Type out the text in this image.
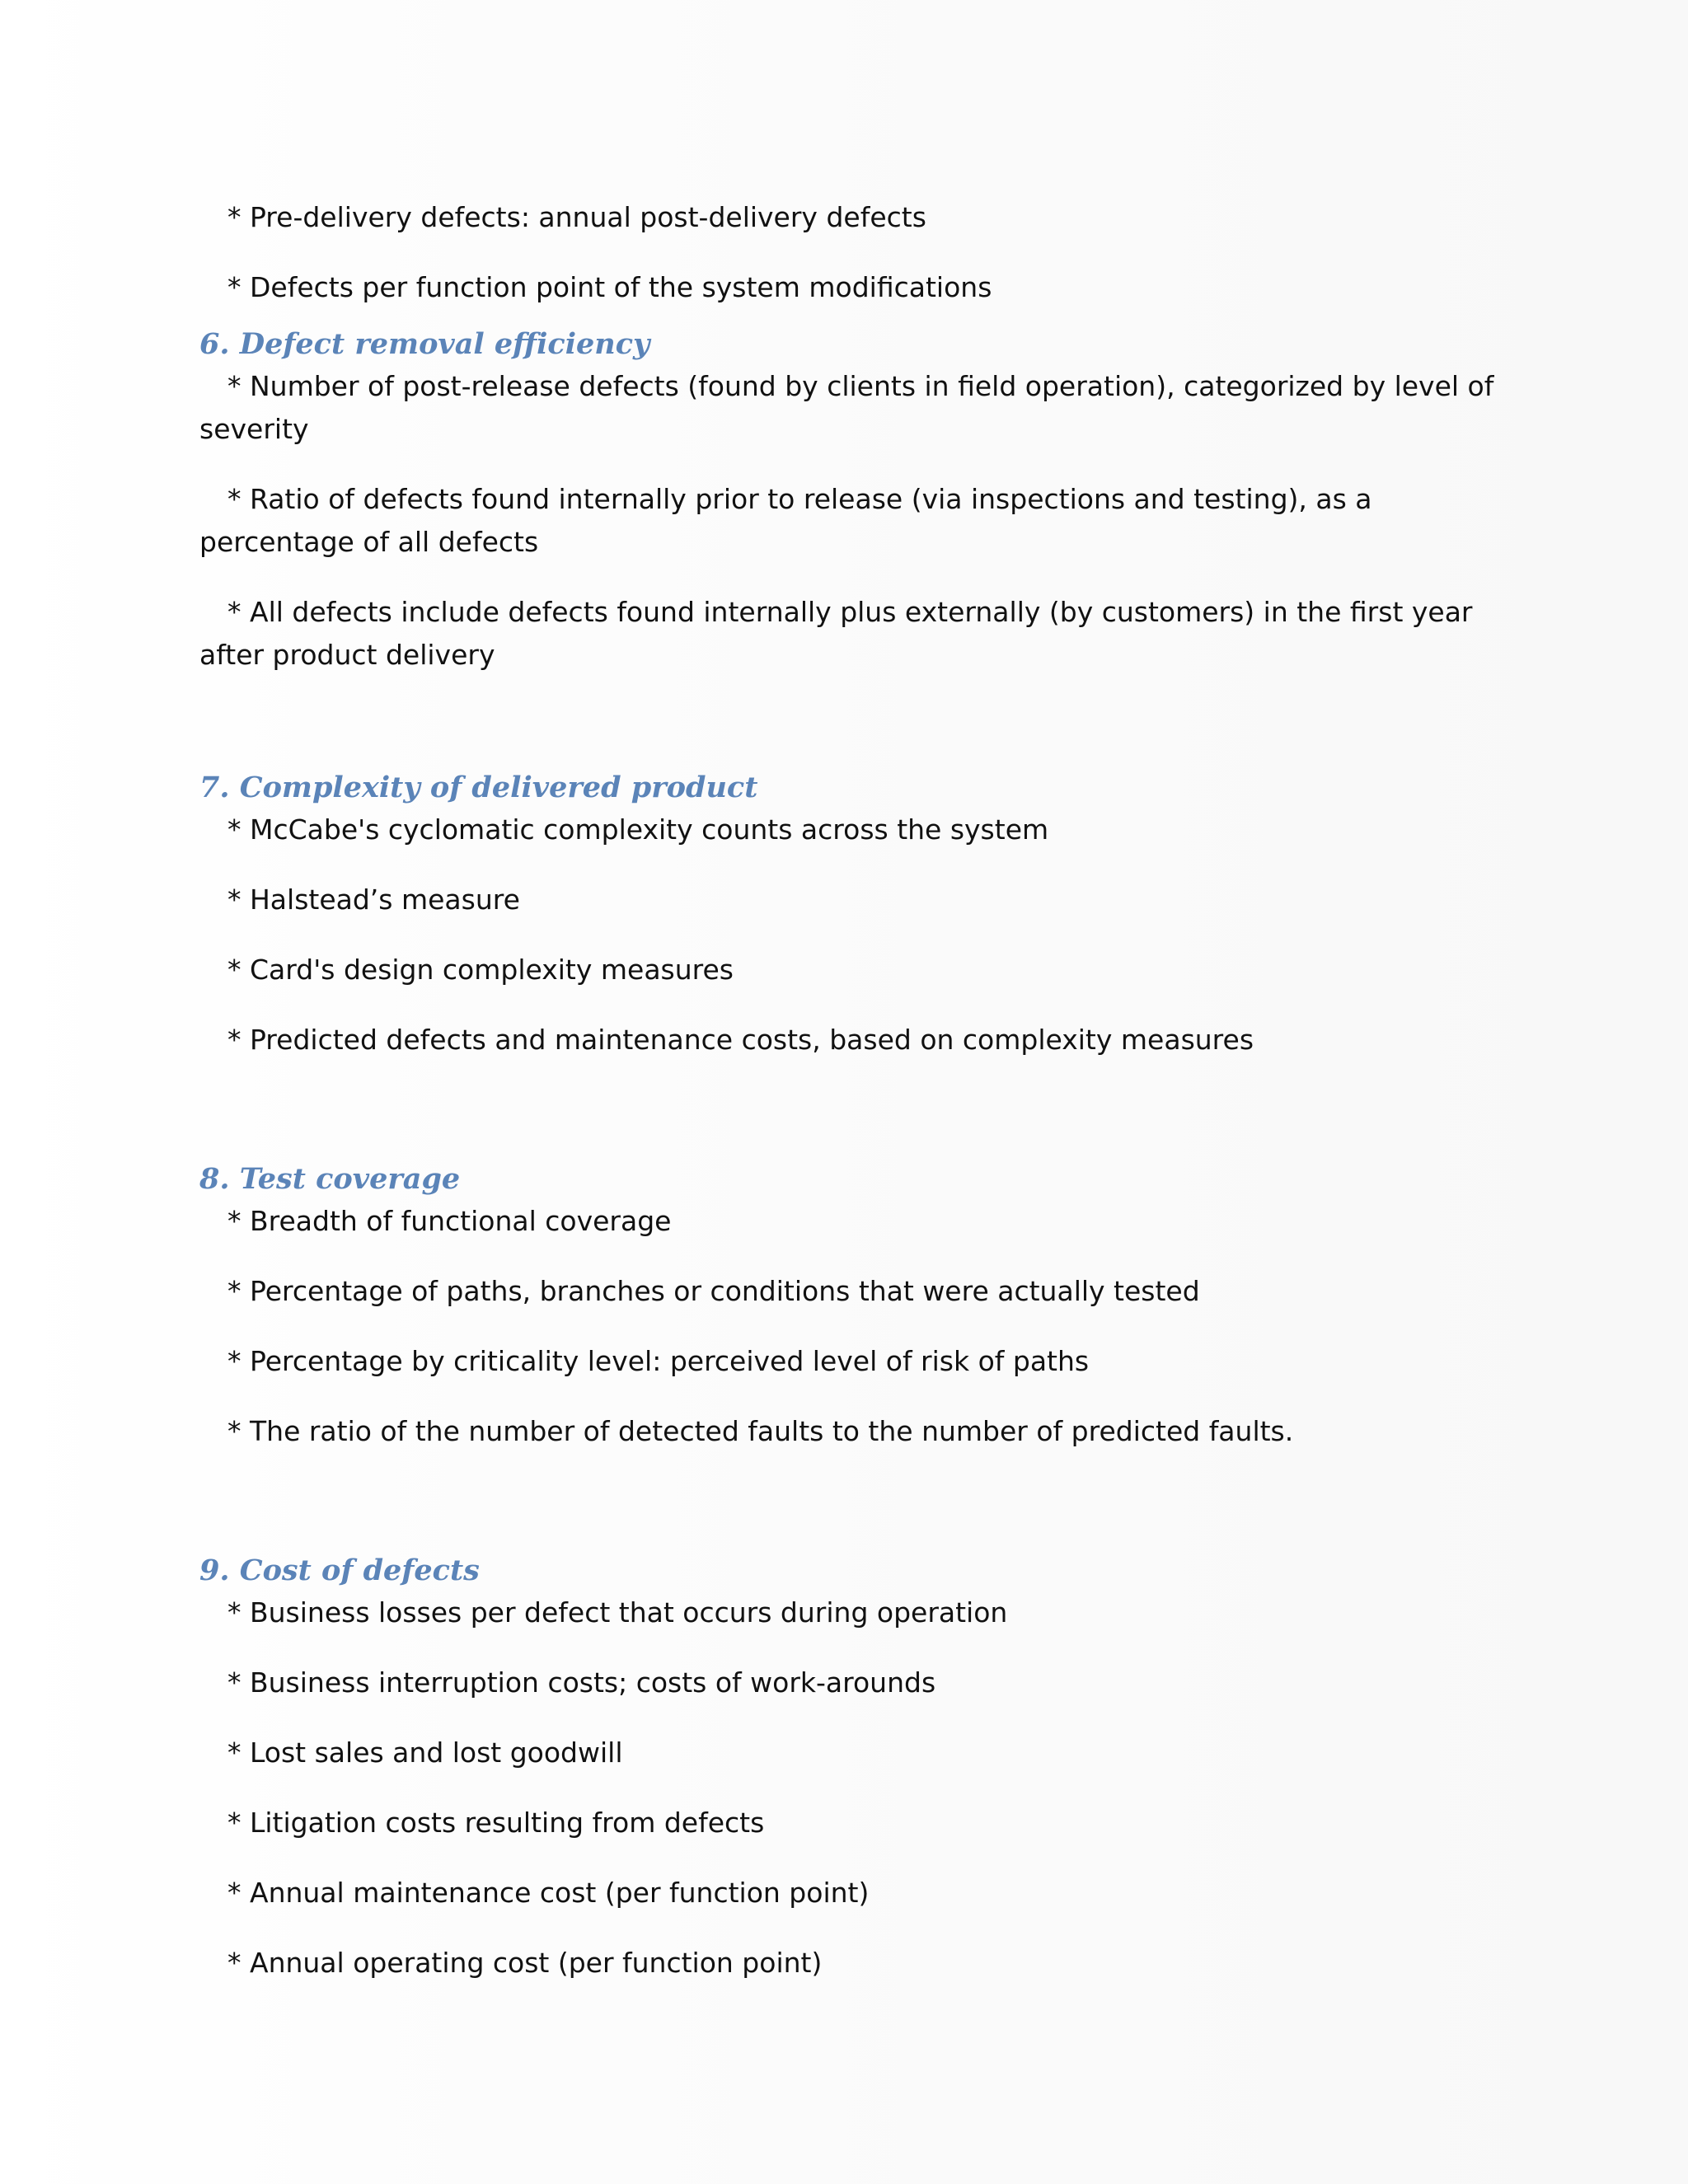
* Pre-delivery defects: annual post-delivery defects

* Defects per function point of the system modifications

6. Defect removal efficiency

* Number of post-release defects (found by clients in field operation), categorized by level of severity

* Ratio of defects found internally prior to release (via inspections and testing), as a percentage of all defects

* All defects include defects found internally plus externally (by customers) in the first year after product delivery

7. Complexity of delivered product

* McCabe's cyclomatic complexity counts across the system

* Halstead’s measure

* Card's design complexity measures

* Predicted defects and maintenance costs, based on complexity measures

8. Test coverage

* Breadth of functional coverage

* Percentage of paths, branches or conditions that were actually tested

* Percentage by criticality level: perceived level of risk of paths

* The ratio of the number of detected faults to the number of predicted faults.

9. Cost of defects

* Business losses per defect that occurs during operation

* Business interruption costs; costs of work-arounds

* Lost sales and lost goodwill

* Litigation costs resulting from defects

* Annual maintenance cost (per function point)

* Annual operating cost (per function point)
